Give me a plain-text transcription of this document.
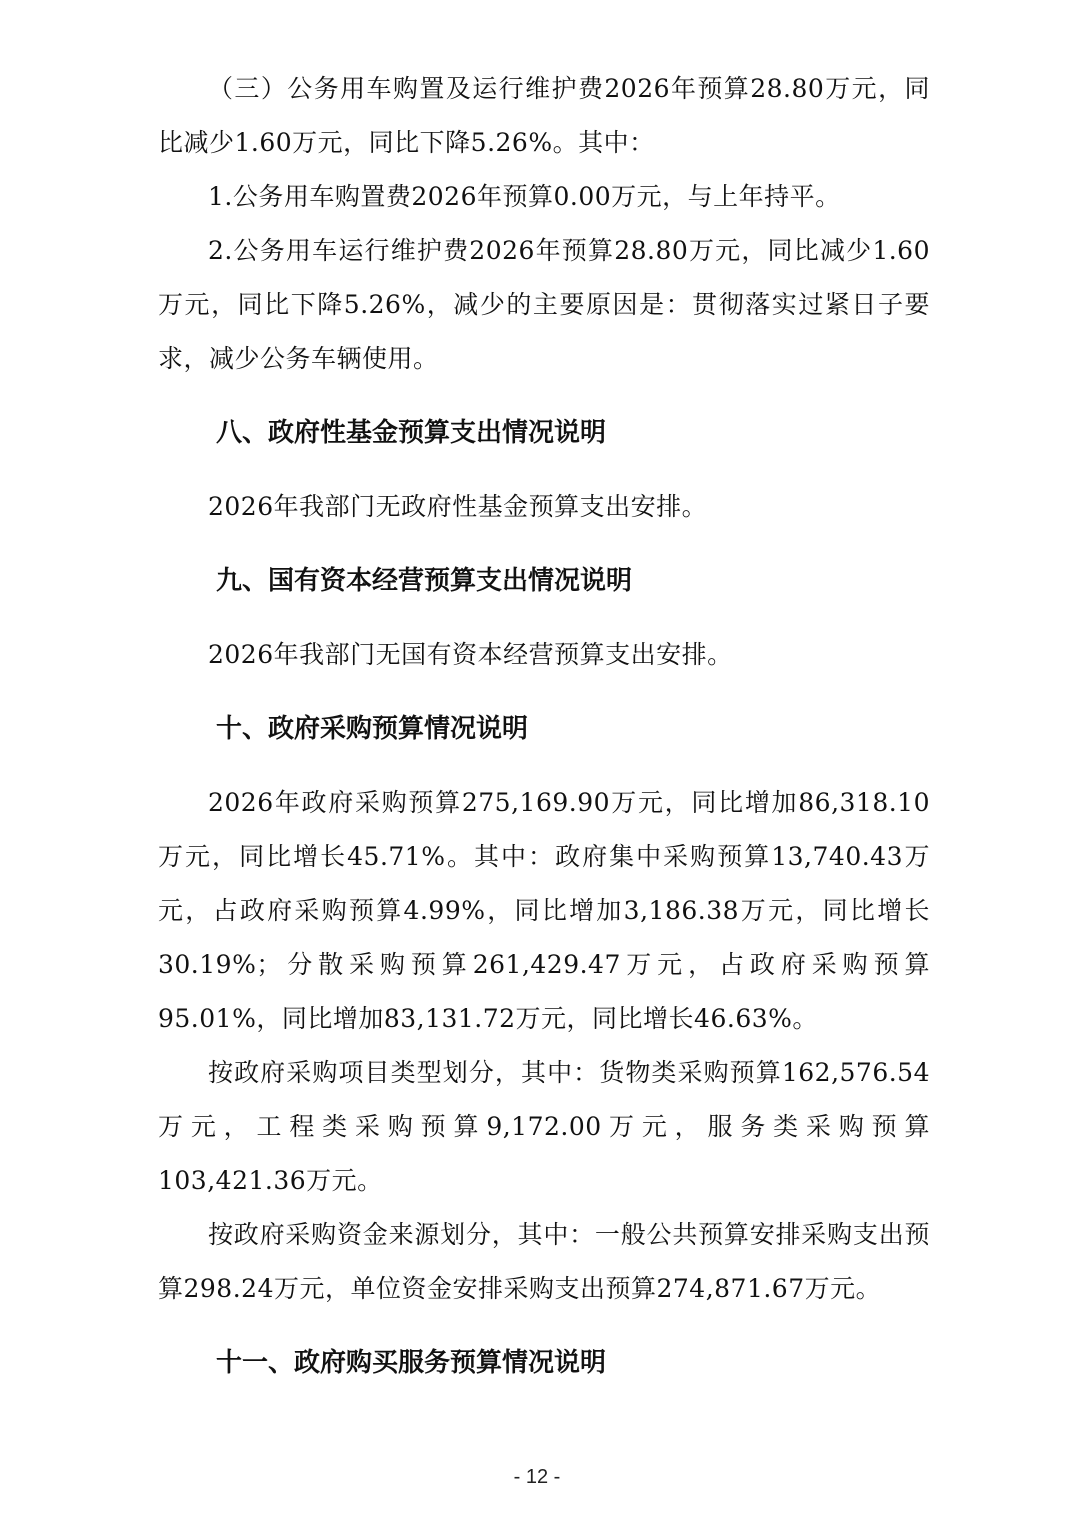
（三）公务用车购置及运行维护费2026年预算28.80万元，同比减少1.60万元，同比下降5.26%。其中：

1.公务用车购置费2026年预算0.00万元，与上年持平。

2.公务用车运行维护费2026年预算28.80万元，同比减少1.60万元，同比下降5.26%，减少的主要原因是：贯彻落实过紧日子要求，减少公务车辆使用。

八、政府性基金预算支出情况说明

2026年我部门无政府性基金预算支出安排。

九、国有资本经营预算支出情况说明

2026年我部门无国有资本经营预算支出安排。

十、政府采购预算情况说明

2026年政府采购预算275,169.90万元，同比增加86,318.10万元，同比增长45.71%。其中：政府集中采购预算13,740.43万元，占政府采购预算4.99%，同比增加3,186.38万元，同比增长30.19%；分散采购预算261,429.47万元，占政府采购预算95.01%，同比增加83,131.72万元，同比增长46.63%。

按政府采购项目类型划分，其中：货物类采购预算162,576.54万元，工程类采购预算9,172.00万元，服务类采购预算103,421.36万元。

按政府采购资金来源划分，其中：一般公共预算安排采购支出预算298.24万元，单位资金安排采购支出预算274,871.67万元。

十一、政府购买服务预算情况说明
- 12 -
